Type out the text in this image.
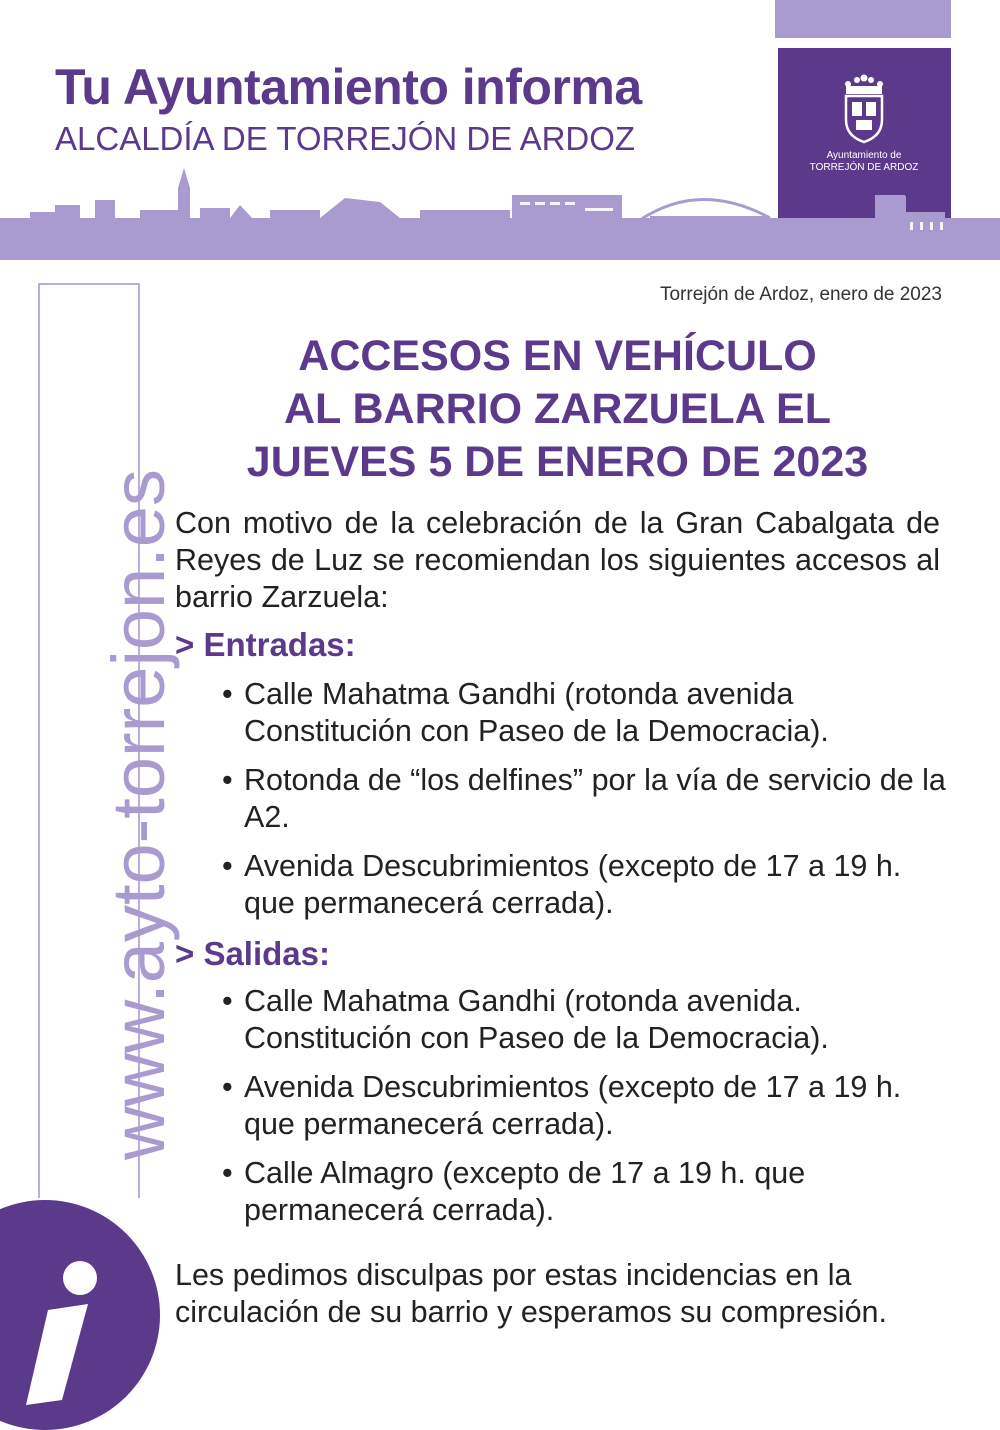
Tu Ayuntamiento informa
ALCALDÍA DE TORREJÓN DE ARDOZ	Ayuntamiento de
TORREJÓN DE ARDOZ
www.ayto-torrejon.es
Torrejón de Ardoz, enero de 2023
ACCESOS EN VEHÍCULO
AL BARRIO ZARZUELA EL
JUEVES 5 DE ENERO DE 2023
Con motivo de la celebración de la Gran Cabalgata de Reyes de Luz se recomiendan los siguientes accesos al barrio Zarzuela:
> Entradas:
• Calle Mahatma Gandhi (rotonda avenida Constitución con Paseo de la Democracia).
• Rotonda de “los delfines” por la vía de servicio de la A2.
• Avenida Descubrimientos (excepto de 17 a 19 h. que permanecerá cerrada).
> Salidas:
• Calle Mahatma Gandhi (rotonda avenida. Constitución con Paseo de la Democracia).
• Avenida Descubrimientos (excepto de 17 a 19 h. que permanecerá cerrada).
• Calle Almagro (excepto de 17 a 19 h. que permanecerá cerrada).
Les pedimos disculpas por estas incidencias en la circulación de su barrio y esperamos su compresión.
